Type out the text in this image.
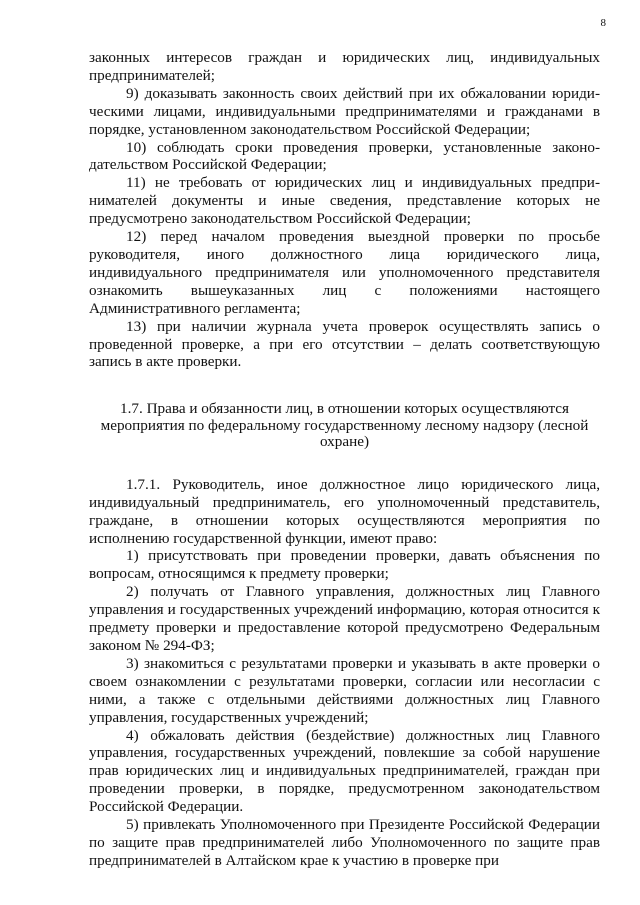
8

законных интересов граждан и юридических лиц, индивидуальных предпринимателей;

9) доказывать законность своих действий при их обжаловании юридическими лицами, индивидуальными предпринимателями и гражданами в порядке, установленном законодательством Российской Федерации;

10) соблюдать сроки проведения проверки, установленные законодательством Российской Федерации;

11) не требовать от юридических лиц и индивидуальных предпринимателей документы и иные сведения, представление которых не предусмотрено законодательством Российской Федерации;

12) перед началом проведения выездной проверки по просьбе руководителя, иного должностного лица юридического лица, индивидуального предпринимателя или уполномоченного представителя ознакомить вышеуказанных лиц с положениями настоящего Административного регламента;

13) при наличии журнала учета проверок осуществлять запись о проведенной проверке, а при его отсутствии – делать соответствующую запись в акте проверки.

1.7. Права и обязанности лиц, в отношении которых осуществляются мероприятия по федеральному государственному лесному надзору (лесной охране)

1.7.1. Руководитель, иное должностное лицо юридического лица, индивидуальный предприниматель, его уполномоченный представитель, граждане, в отношении которых осуществляются мероприятия по исполнению государственной функции, имеют право:

1) присутствовать при проведении проверки, давать объяснения по вопросам, относящимся к предмету проверки;

2) получать от Главного управления, должностных лиц Главного управления и государственных учреждений информацию, которая относится к предмету проверки и предоставление которой предусмотрено Федеральным законом № 294-ФЗ;

3) знакомиться с результатами проверки и указывать в акте проверки о своем ознакомлении с результатами проверки, согласии или несогласии с ними, а также с отдельными действиями должностных лиц Главного управления, государственных учреждений;

4) обжаловать действия (бездействие) должностных лиц Главного управления, государственных учреждений, повлекшие за собой нарушение прав юридических лиц и индивидуальных предпринимателей, граждан при проведении проверки, в порядке, предусмотренном законодательством Российской Федерации.

5) привлекать Уполномоченного при Президенте Российской Федерации по защите прав предпринимателей либо Уполномоченного по защите прав предпринимателей в Алтайском крае к участию в проверке при
